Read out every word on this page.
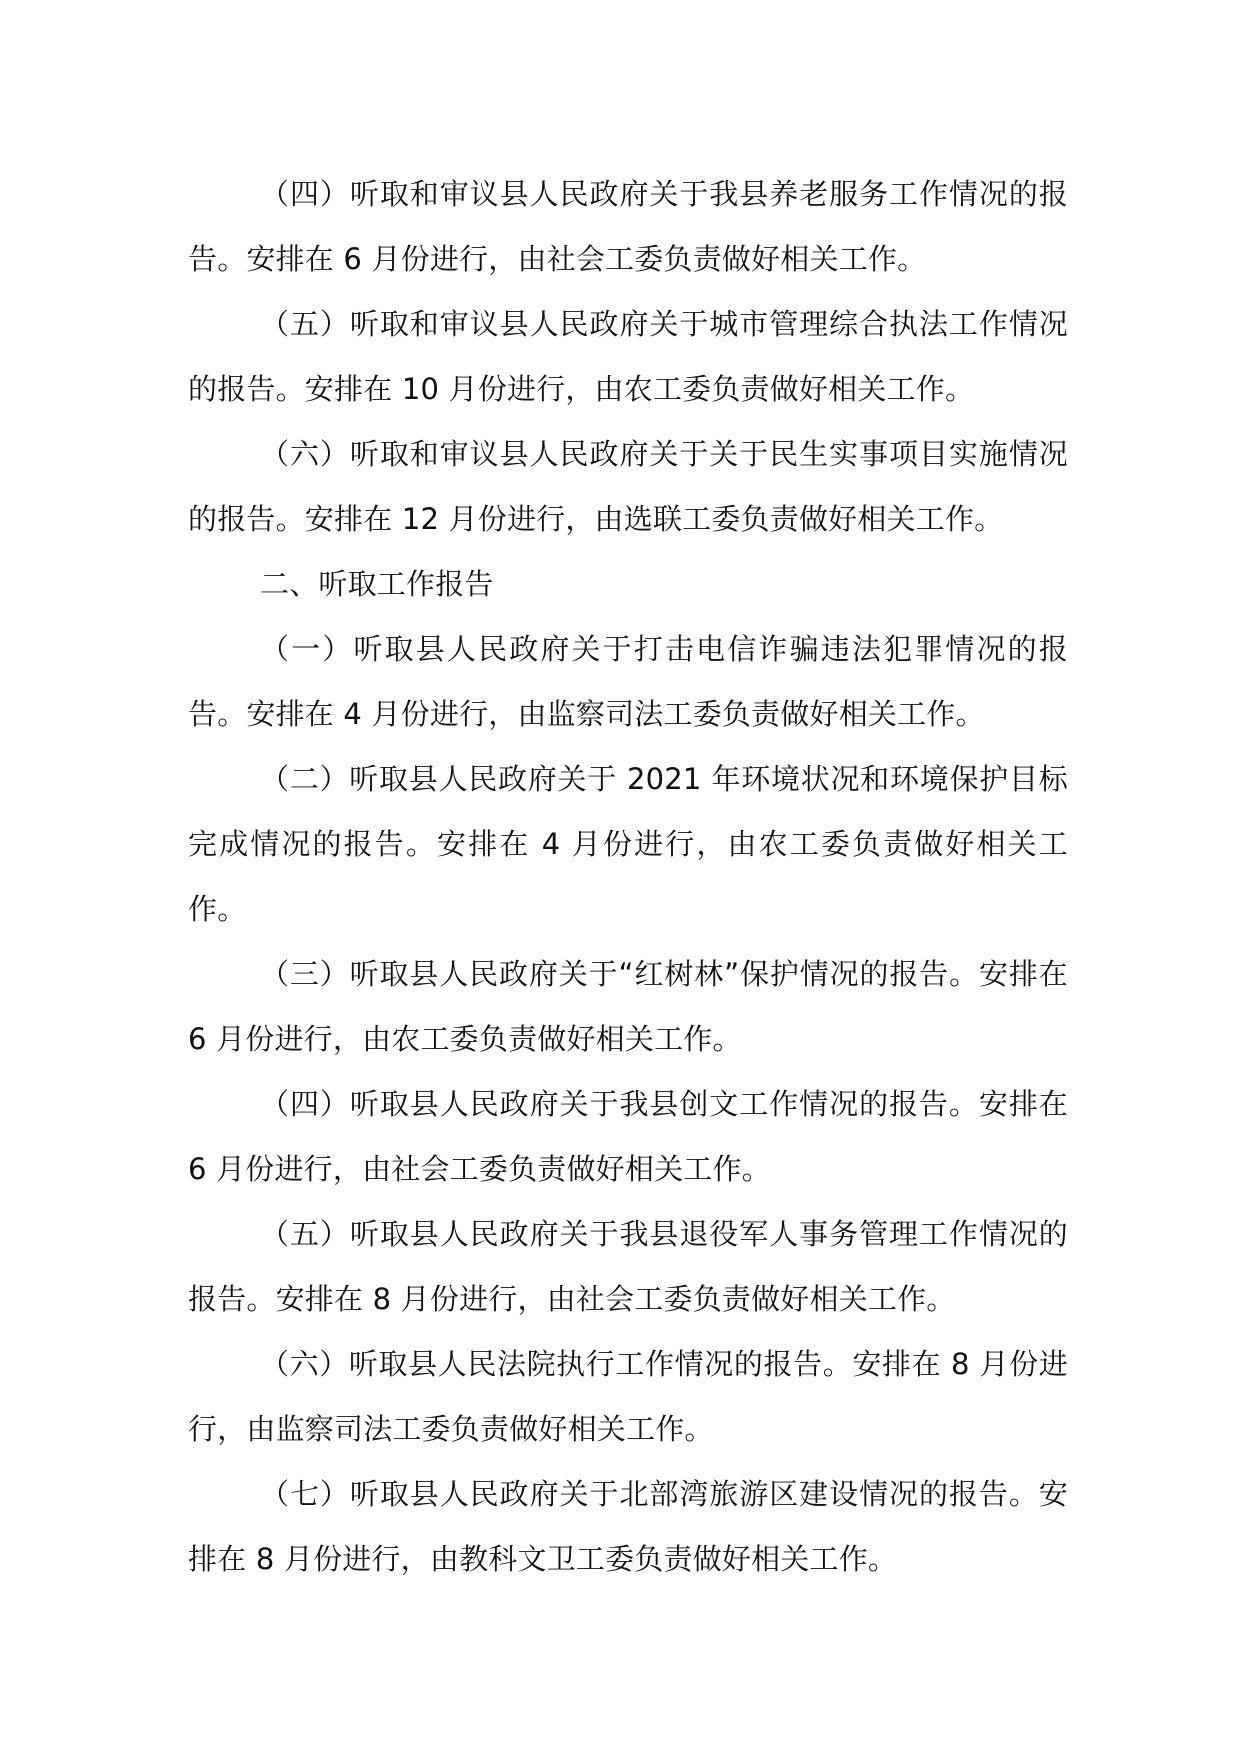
（四）听取和审议县人民政府关于我县养老服务工作情况的报告。安排在 6 月份进行，由社会工委负责做好相关工作。

（五）听取和审议县人民政府关于城市管理综合执法工作情况的报告。安排在 10 月份进行，由农工委负责做好相关工作。

（六）听取和审议县人民政府关于关于民生实事项目实施情况的报告。安排在 12 月份进行，由选联工委负责做好相关工作。

二、听取工作报告

（一）听取县人民政府关于打击电信诈骗违法犯罪情况的报告。安排在 4 月份进行，由监察司法工委负责做好相关工作。

（二）听取县人民政府关于 2021 年环境状况和环境保护目标完成情况的报告。安排在 4 月份进行，由农工委负责做好相关工作。

（三）听取县人民政府关于“红树林”保护情况的报告。安排在 6 月份进行，由农工委负责做好相关工作。

（四）听取县人民政府关于我县创文工作情况的报告。安排在 6 月份进行，由社会工委负责做好相关工作。

（五）听取县人民政府关于我县退役军人事务管理工作情况的报告。安排在 8 月份进行，由社会工委负责做好相关工作。

（六）听取县人民法院执行工作情况的报告。安排在 8 月份进行，由监察司法工委负责做好相关工作。

（七）听取县人民政府关于北部湾旅游区建设情况的报告。安排在 8 月份进行，由教科文卫工委负责做好相关工作。
